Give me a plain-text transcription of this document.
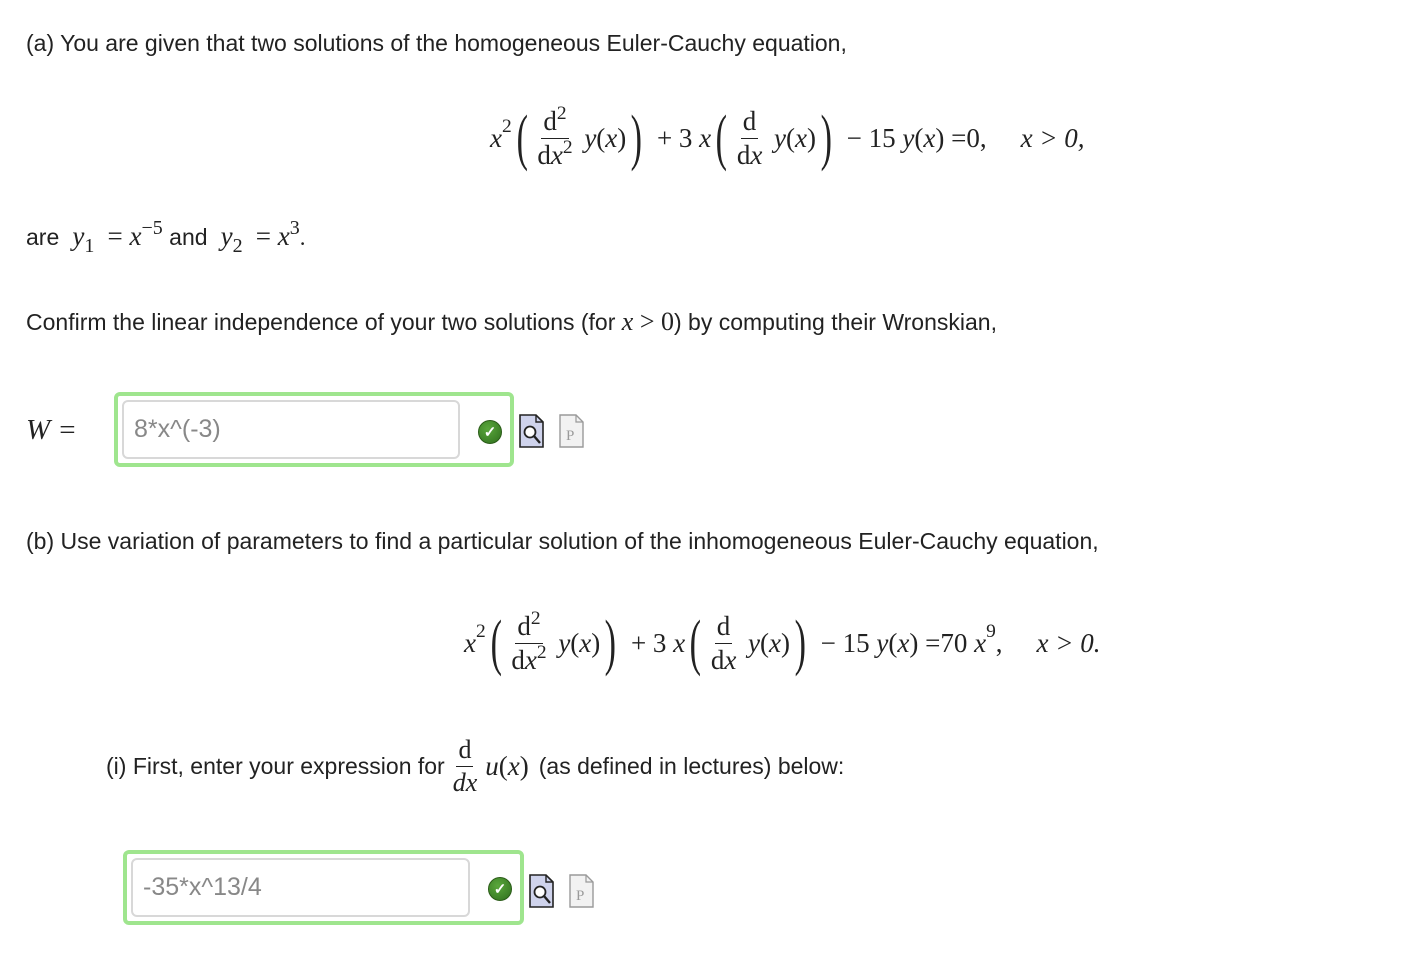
(a) You are given that two solutions of the homogeneous Euler-Cauchy equation,
x 2 ( $\frac{d^2}{dx^2}$ y ( x ) ) + 3 x ( $\frac{d}{dx}$ y ( x ) ) − 15 y ( x ) = 0 , x > 0,
are  y1  = x−5 and  y2  = x3.
Confirm the linear independence of your two solutions (for x > 0) by computing their Wronskian,
W =	8*x^(-3)	✓	P
(b) Use variation of parameters to find a particular solution of the inhomogeneous Euler-Cauchy equation,
x 2 ( $\frac{d^2}{dx^2}$ y ( x ) ) + 3 x ( $\frac{d}{dx}$ y ( x ) ) − 15 y ( x ) = 70 x 9 , x > 0.
(i) First, enter your expression for $\frac{d}{dx}$ u ( x ) (as defined in lectures) below:
-35*x^13/4	✓	P
